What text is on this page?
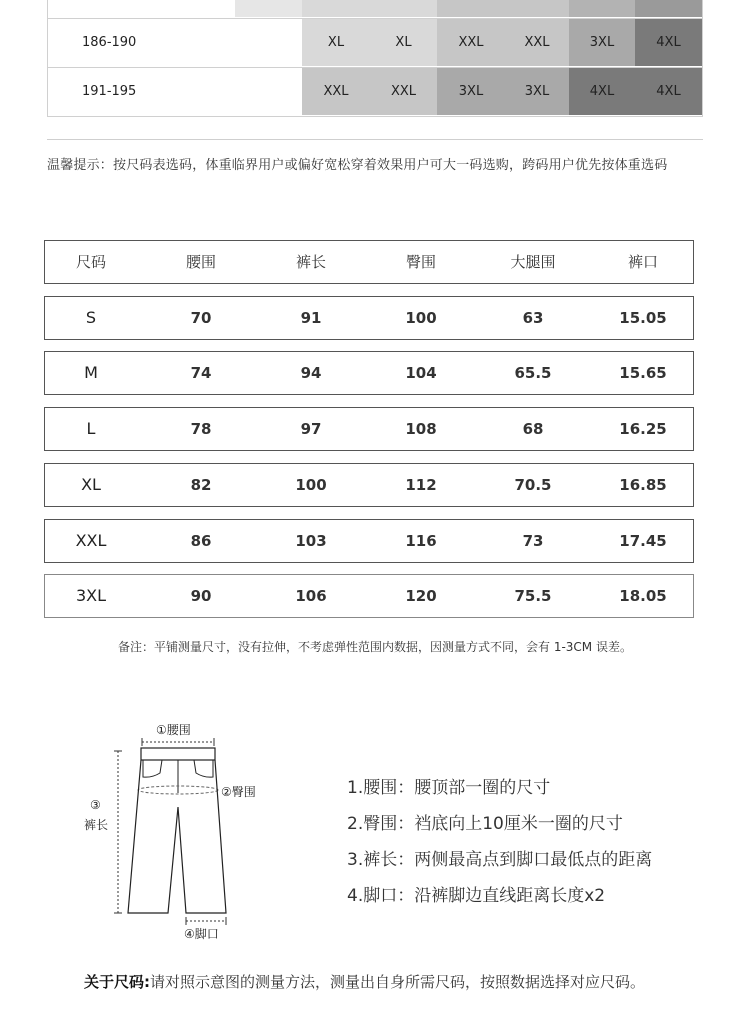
186-190	XL	XL	XXL	XXL	3XL	4XL
191-195	XXL	XXL	3XL	3XL	4XL	4XL
温馨提示：按尺码表选码，体重临界用户或偏好宽松穿着效果用户可大一码选购，跨码用户优先按体重选码
尺码	腰围	裤长	臀围	大腿围	裤口
S	70	91	100	63	15.05
M	74	94	104	65.5	15.65
L	78	97	108	68	16.25
XL	82	100	112	70.5	16.85
XXL	86	103	116	73	17.45
3XL	90	106	120	75.5	18.05
备注：平铺测量尺寸，没有拉伸，不考虑弹性范围内数据，因测量方式不同，会有 1-3CM 误差。
①腰围
②臀围
③
裤长
④脚口
1.腰围：腰顶部一圈的尺寸
2.臀围：裆底向上10厘米一圈的尺寸
3.裤长：两侧最高点到脚口最低点的距离
4.脚口：沿裤脚边直线距离长度x2
关于尺码:请对照示意图的测量方法，测量出自身所需尺码，按照数据选择对应尺码。
